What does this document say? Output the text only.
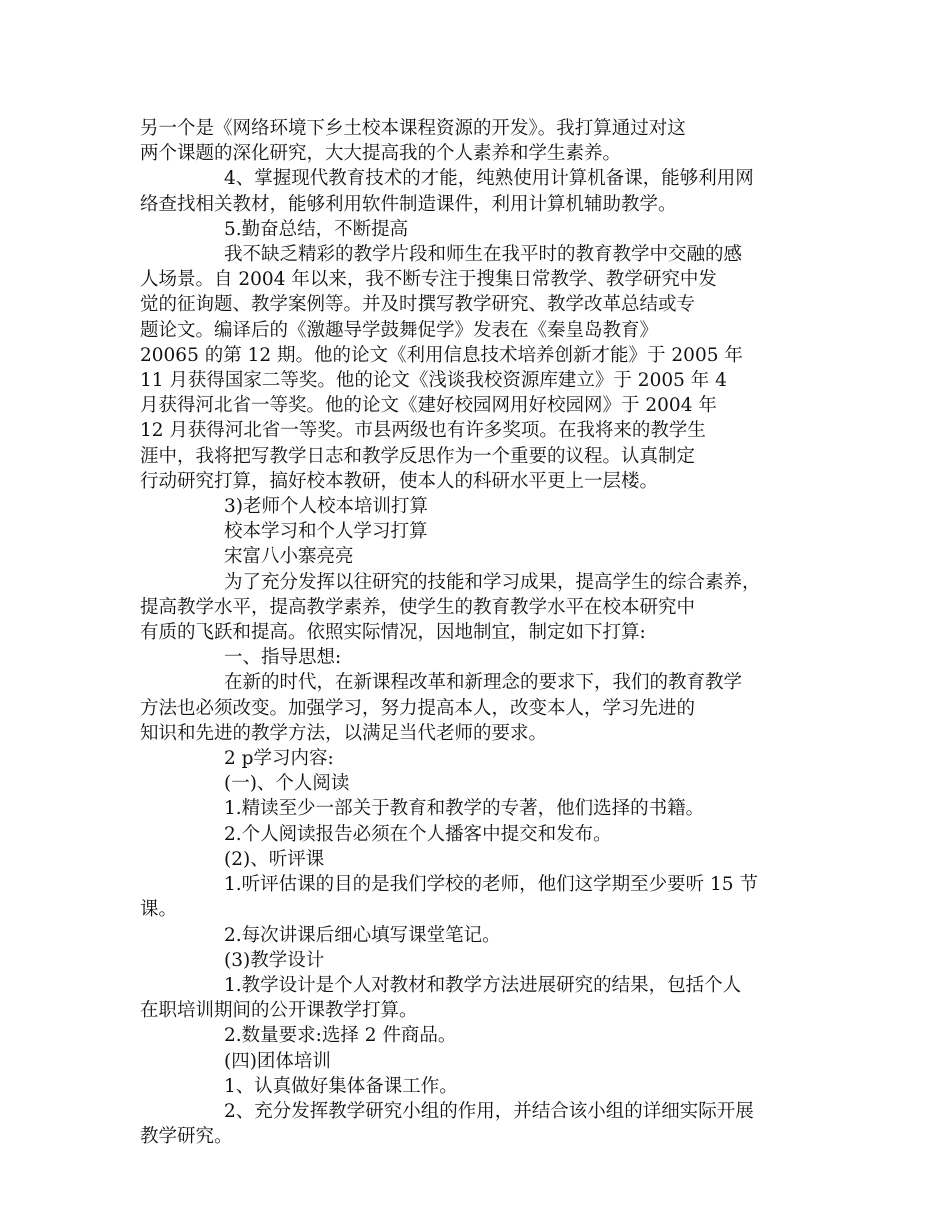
另一个是《网络环境下乡土校本课程资源的开发》。我打算通过对这
两个课题的深化研究，大大提高我的个人素养和学生素养。
4、掌握现代教育技术的才能，纯熟使用计算机备课，能够利用网
络查找相关教材，能够利用软件制造课件，利用计算机辅助教学。
5.勤奋总结，不断提高
我不缺乏精彩的教学片段和师生在我平时的教育教学中交融的感
人场景。自 2004 年以来，我不断专注于搜集日常教学、教学研究中发
觉的征询题、教学案例等。并及时撰写教学研究、教学改革总结或专
题论文。编译后的《激趣导学鼓舞促学》发表在《秦皇岛教育》
20065 的第 12 期。他的论文《利用信息技术培养创新才能》于 2005 年
11 月获得国家二等奖。他的论文《浅谈我校资源库建立》于 2005 年 4
月获得河北省一等奖。他的论文《建好校园网用好校园网》于 2004 年
12 月获得河北省一等奖。市县两级也有许多奖项。在我将来的教学生
涯中，我将把写教学日志和教学反思作为一个重要的议程。认真制定
行动研究打算，搞好校本教研，使本人的科研水平更上一层楼。
3)老师个人校本培训打算
校本学习和个人学习打算
宋富八小寨亮亮
为了充分发挥以往研究的技能和学习成果，提高学生的综合素养，
提高教学水平，提高教学素养，使学生的教育教学水平在校本研究中
有质的飞跃和提高。依照实际情况，因地制宜，制定如下打算:
一、指导思想:
在新的时代，在新课程改革和新理念的要求下，我们的教育教学
方法也必须改变。加强学习，努力提高本人，改变本人，学习先进的
知识和先进的教学方法，以满足当代老师的要求。
2 p学习内容:
(一)、个人阅读
1.精读至少一部关于教育和教学的专著，他们选择的书籍。
2.个人阅读报告必须在个人播客中提交和发布。
(2)、听评课
1.听评估课的目的是我们学校的老师，他们这学期至少要听 15 节
课。
2.每次讲课后细心填写课堂笔记。
(3)教学设计
1.教学设计是个人对教材和教学方法进展研究的结果，包括个人
在职培训期间的公开课教学打算。
2.数量要求:选择 2 件商品。
(四)团体培训
1、认真做好集体备课工作。
2、充分发挥教学研究小组的作用，并结合该小组的详细实际开展
教学研究。
